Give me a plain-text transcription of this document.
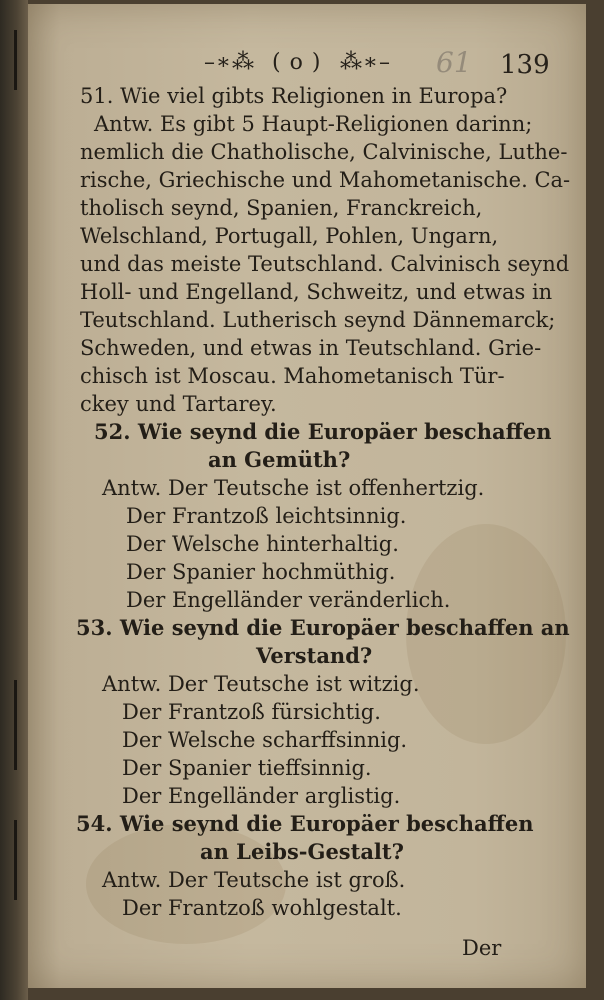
–∗⁂ ( o ) ⁂∗– 61 139
51. Wie viel gibts Religionen in Europa?
Antw. Es gibt 5 Haupt-Religionen darinn;
nemlich die Chatholische, Calvinische, Luthe-
rische, Griechische und Mahometanische. Ca-
tholisch seynd, Spanien, Franckreich,
Welschland, Portugall, Pohlen, Ungarn,
und das meiste Teutschland. Calvinisch seynd
Holl- und Engelland, Schweitz, und etwas in
Teutschland. Lutherisch seynd Dännemarck;
Schweden, und etwas in Teutschland. Grie-
chisch ist Moscau. Mahometanisch Tür-
ckey und Tartarey.
52. Wie seynd die Europäer beschaffen
an Gemüth?
Antw. Der Teutsche ist offenhertzig.
Der Frantzoß leichtsinnig.
Der Welsche hinterhaltig.
Der Spanier hochmüthig.
Der Engelländer veränderlich.
53. Wie seynd die Europäer beschaffen an
Verstand?
Antw. Der Teutsche ist witzig.
Der Frantzoß fürsichtig.
Der Welsche scharffsinnig.
Der Spanier tieffsinnig.
Der Engelländer arglistig.
54. Wie seynd die Europäer beschaffen
an Leibs-Gestalt?
Antw. Der Teutsche ist groß.
Der Frantzoß wohlgestalt.
Der
